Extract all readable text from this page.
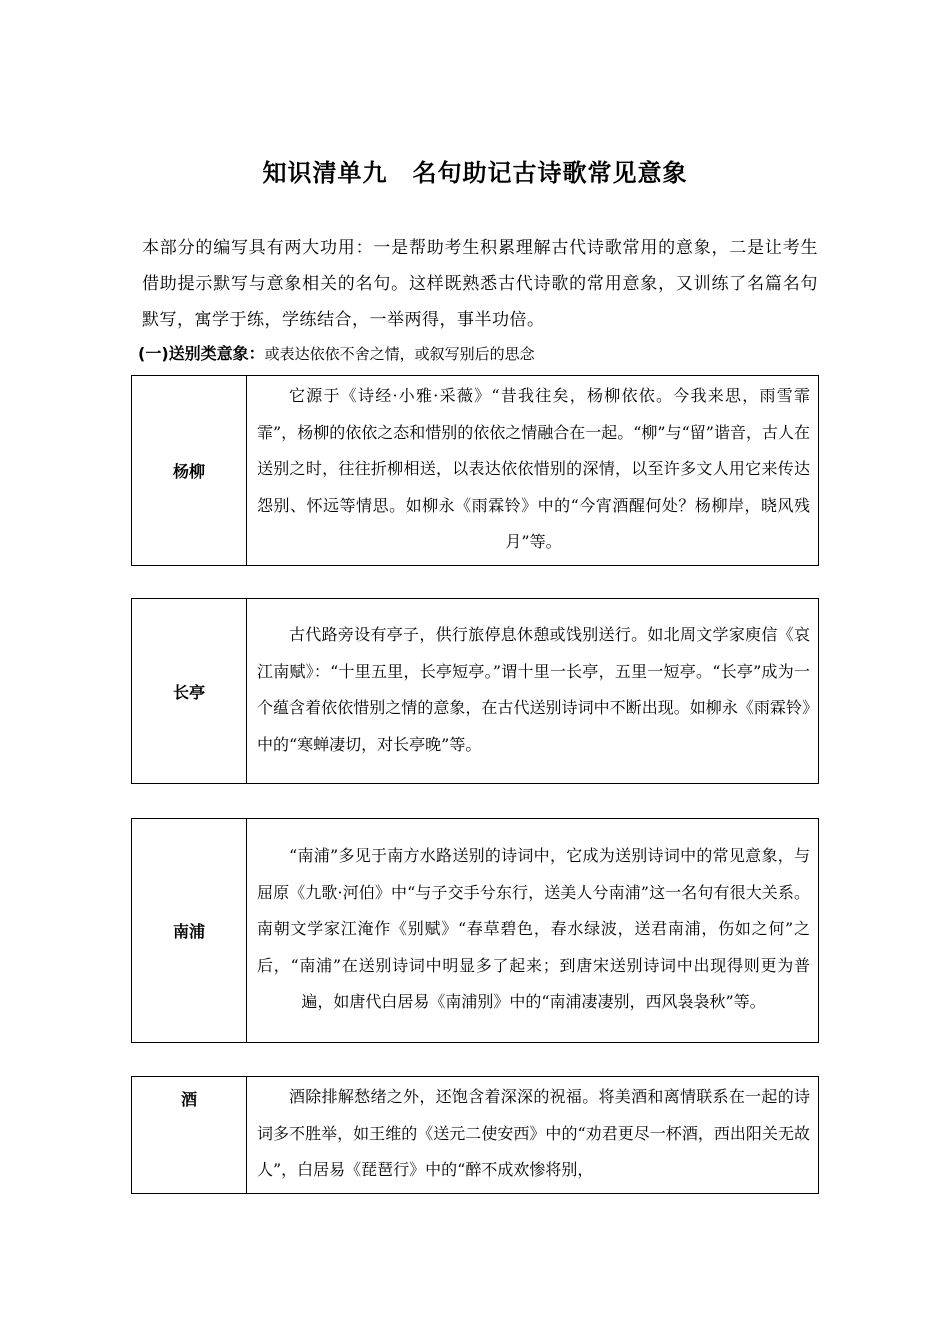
知识清单九　名句助记古诗歌常见意象
本部分的编写具有两大功用：一是帮助考生积累理解古代诗歌常用的意象，二是让考生借助提示默写与意象相关的名句。这样既熟悉古代诗歌的常用意象，又训练了名篇名句默写，寓学于练，学练结合，一举两得，事半功倍。
(一)送别类意象：或表达依依不舍之情，或叙写别后的思念
杨柳	它源于《诗经·小雅·采薇》“昔我往矣，杨柳依依。今我来思，雨雪霏霏”，杨柳的依依之态和惜别的依依之情融合在一起。“柳”与“留”谐音，古人在送别之时，往往折柳相送，以表达依依惜别的深情，以至许多文人用它来传达怨别、怀远等情思。如柳永《雨霖铃》中的“今宵酒醒何处？杨柳岸，晓风残月”等。
长亭	古代路旁设有亭子，供行旅停息休憩或饯别送行。如北周文学家庾信《哀江南赋》：“十里五里，长亭短亭。”谓十里一长亭，五里一短亭。“长亭”成为一个蕴含着依依惜别之情的意象，在古代送别诗词中不断出现。如柳永《雨霖铃》中的“寒蝉凄切，对长亭晚”等。
南浦	“南浦”多见于南方水路送别的诗词中，它成为送别诗词中的常见意象，与屈原《九歌·河伯》中“与子交手兮东行，送美人兮南浦”这一名句有很大关系。南朝文学家江淹作《别赋》“春草碧色，春水绿波，送君南浦，伤如之何”之后，“南浦”在送别诗词中明显多了起来；到唐宋送别诗词中出现得则更为普遍，如唐代白居易《南浦别》中的“南浦凄凄别，西风袅袅秋”等。
酒	酒除排解愁绪之外，还饱含着深深的祝福。将美酒和离情联系在一起的诗词多不胜举，如王维的《送元二使安西》中的“劝君更尽一杯酒，西出阳关无故人”，白居易《琵琶行》中的“醉不成欢惨将别，
